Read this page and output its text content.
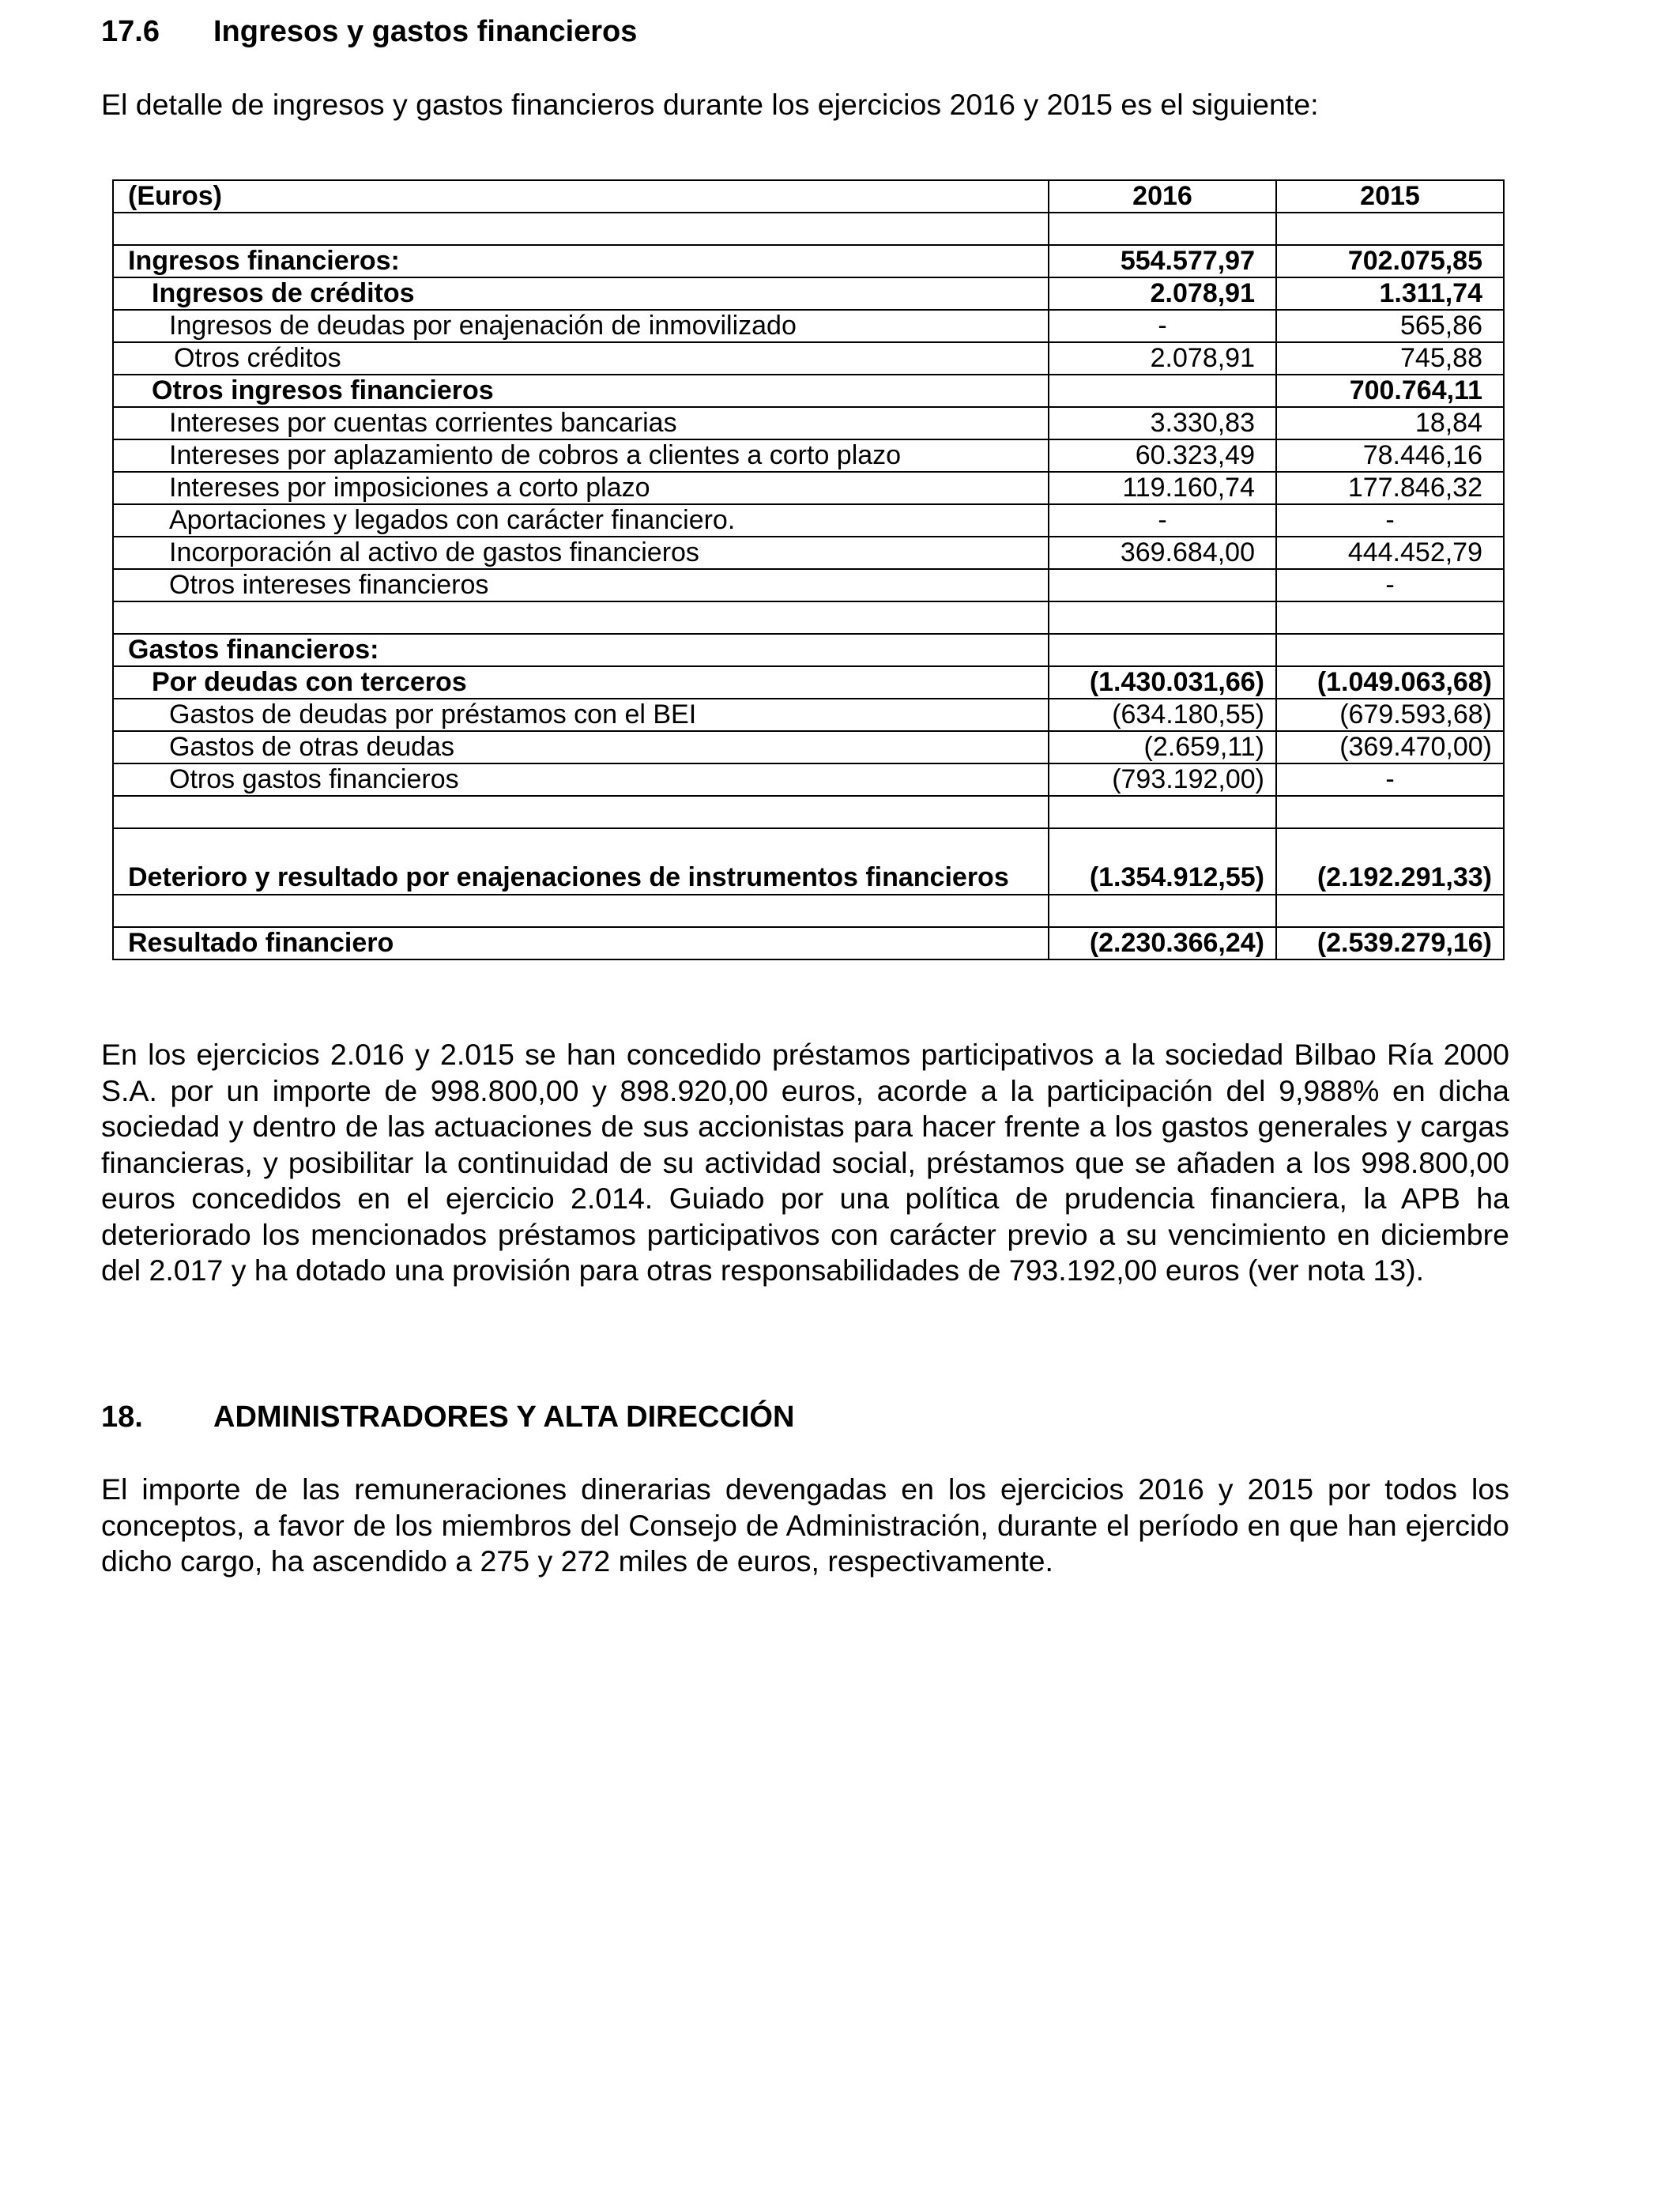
17.6 Ingresos y gastos financieros

El detalle de ingresos y gastos financieros durante los ejercicios 2016 y 2015 es el siguiente:

(Euros)	2016	2015

Ingresos financieros:	554.577,97	702.075,85
Ingresos de créditos	2.078,91	1.311,74
Ingresos de deudas por enajenación de inmovilizado	-	565,86
Otros créditos	2.078,91	745,88
Otros ingresos financieros		700.764,11
Intereses por cuentas corrientes bancarias	3.330,83	18,84
Intereses por aplazamiento de cobros a clientes a corto plazo	60.323,49	78.446,16
Intereses por imposiciones a corto plazo	119.160,74	177.846,32
Aportaciones y legados con carácter financiero.	-	-
Incorporación al activo de gastos financieros	369.684,00	444.452,79
Otros intereses financieros		-

Gastos financieros:		
Por deudas con terceros	(1.430.031,66)	(1.049.063,68)
Gastos de deudas por préstamos con el BEI	(634.180,55)	(679.593,68)
Gastos de otras deudas	(2.659,11)	(369.470,00)
Otros gastos financieros	(793.192,00)	-

Deterioro y resultado por enajenaciones de instrumentos financieros	(1.354.912,55)	(2.192.291,33)

Resultado financiero	(2.230.366,24)	(2.539.279,16)

En los ejercicios 2.016 y 2.015 se han concedido préstamos participativos a la sociedad Bilbao Ría 2000 S.A. por un importe de 998.800,00 y 898.920,00 euros, acorde a la participación del 9,988% en dicha sociedad y dentro de las actuaciones de sus accionistas para hacer frente a los gastos generales y cargas financieras, y posibilitar la continuidad de su actividad social, préstamos que se añaden a los 998.800,00 euros concedidos en el ejercicio 2.014. Guiado por una política de prudencia financiera, la APB ha deteriorado los mencionados préstamos participativos con carácter previo a su vencimiento en diciembre del 2.017 y ha dotado una provisión para otras responsabilidades de 793.192,00 euros (ver nota 13).

18. ADMINISTRADORES Y ALTA DIRECCIÓN

El importe de las remuneraciones dinerarias devengadas en los ejercicios 2016 y 2015 por todos los conceptos, a favor de los miembros del Consejo de Administración, durante el período en que han ejercido dicho cargo, ha ascendido a 275 y 272 miles de euros, respectivamente.
